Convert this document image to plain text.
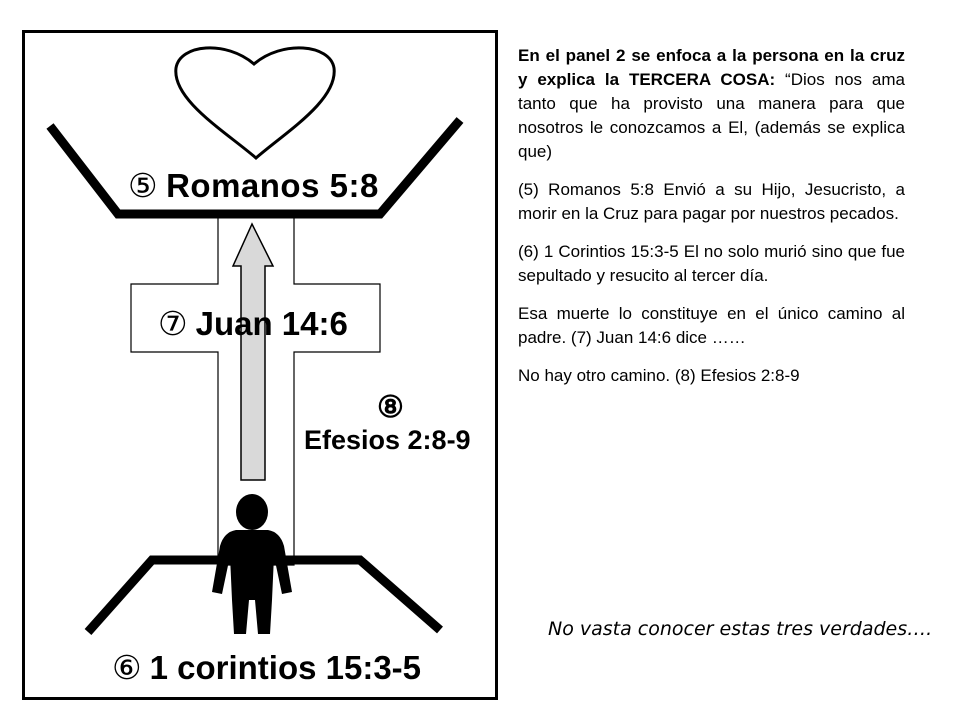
⑤ Romanos 5:8
⑦ Juan 14:6
⑧
Efesios 2:8-9
⑥ 1 corintios 15:3-5

En el panel 2 se enfoca a la persona en la cruz y explica la TERCERA COSA: “Dios nos ama tanto que ha provisto una manera para que nosotros le conozcamos a El, (además se explica que)

(5) Romanos 5:8 Envió a su Hijo, Jesucristo, a morir en la Cruz para pagar por nuestros pecados.

(6) 1 Corintios 15:3-5 El no solo murió sino que fue sepultado y resucito al tercer día.

Esa muerte lo constituye en el único camino al padre. (7) Juan 14:6 dice ……

No hay otro camino. (8) Efesios 2:8-9

No vasta conocer estas tres verdades….
